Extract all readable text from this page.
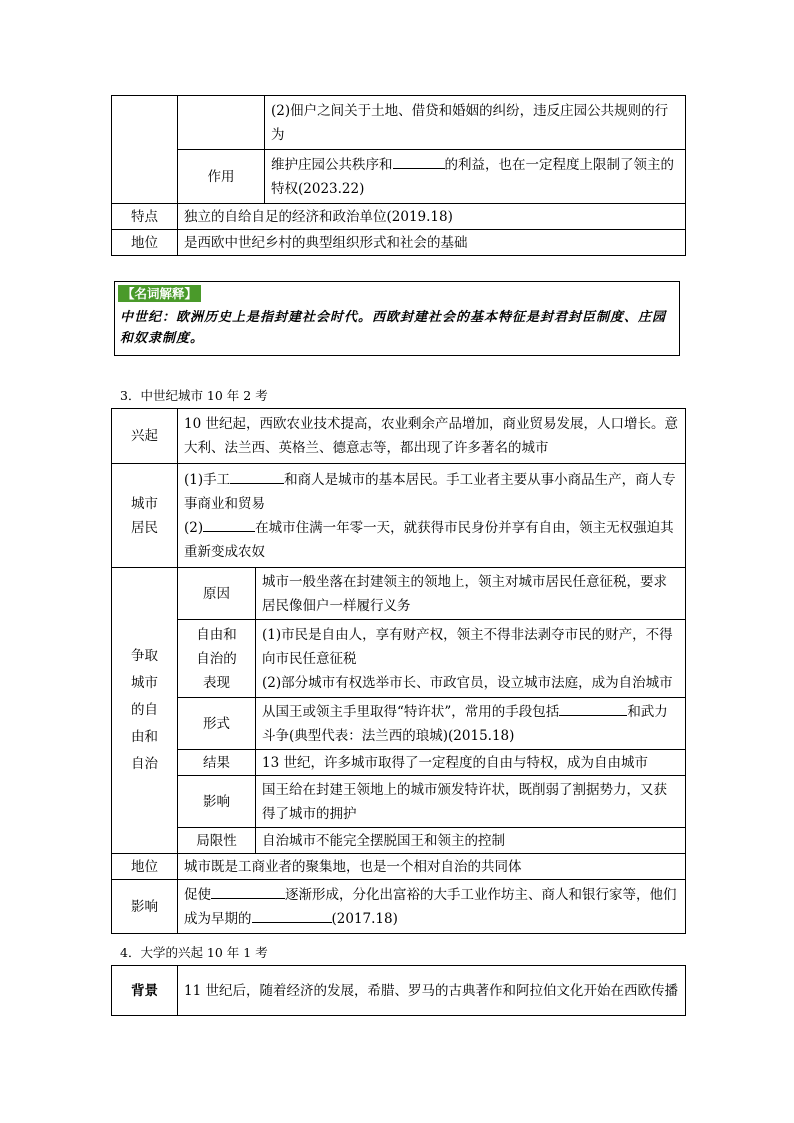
		(2)佃户之间关于土地、借贷和婚姻的纠纷，违反庄园公共规则的行为
	作用	维护庄园公共秩序和 的利益，也在一定程度上限制了领主的特权(2023.22)
特点	独立的自给自足的经济和政治单位(2019.18)	
地位	是西欧中世纪乡村的典型组织形式和社会的基础	
【名词解释】
中世纪：欧洲历史上是指封建社会时代。西欧封建社会的基本特征是封君封臣制度、庄园和奴隶制度。
3．中世纪城市 10 年 2 考
兴起	10 世纪起，西欧农业技术提高，农业剩余产品增加，商业贸易发展，人口增长。意大利、法兰西、英格兰、德意志等，都出现了许多著名的城市	
城市居民	(1)手工 和商人是城市的基本居民。手工业者主要从事小商品生产，商人专事商业和贸易
(2) 在城市住满一年零一天，就获得市民身份并享有自由，领主无权强迫其重新变成农奴	

争取城市的自由和自治	原因	城市一般坐落在封建领主的领地上，领主对城市居民任意征税，要求居民像佃户一样履行义务
	自由和自治的表现	(1)市民是自由人，享有财产权，领主不得非法剥夺市民的财产，不得向市民任意征税
(2)部分城市有权选举市长、市政官员，设立城市法庭，成为自治城市

	形式	从国王或领主手里取得“特许状”，常用的手段包括 和武力斗争(典型代表：法兰西的琅城)(2015.18)
	结果	13 世纪，许多城市取得了一定程度的自由与特权，成为自由城市
	影响	国王给在封建王领地上的城市颁发特许状，既削弱了割据势力，又获得了城市的拥护
	局限性	自治城市不能完全摆脱国王和领主的控制
地位	城市既是工商业者的聚集地，也是一个相对自治的共同体	
影响	促使 逐渐形成，分化出富裕的大手工业作坊主、商人和银行家等，他们成为早期的 (2017.18)	
4．大学的兴起 10 年 1 考
背景	11 世纪后，随着经济的发展，希腊、罗马的古典著作和阿拉伯文化开始在西欧传播
